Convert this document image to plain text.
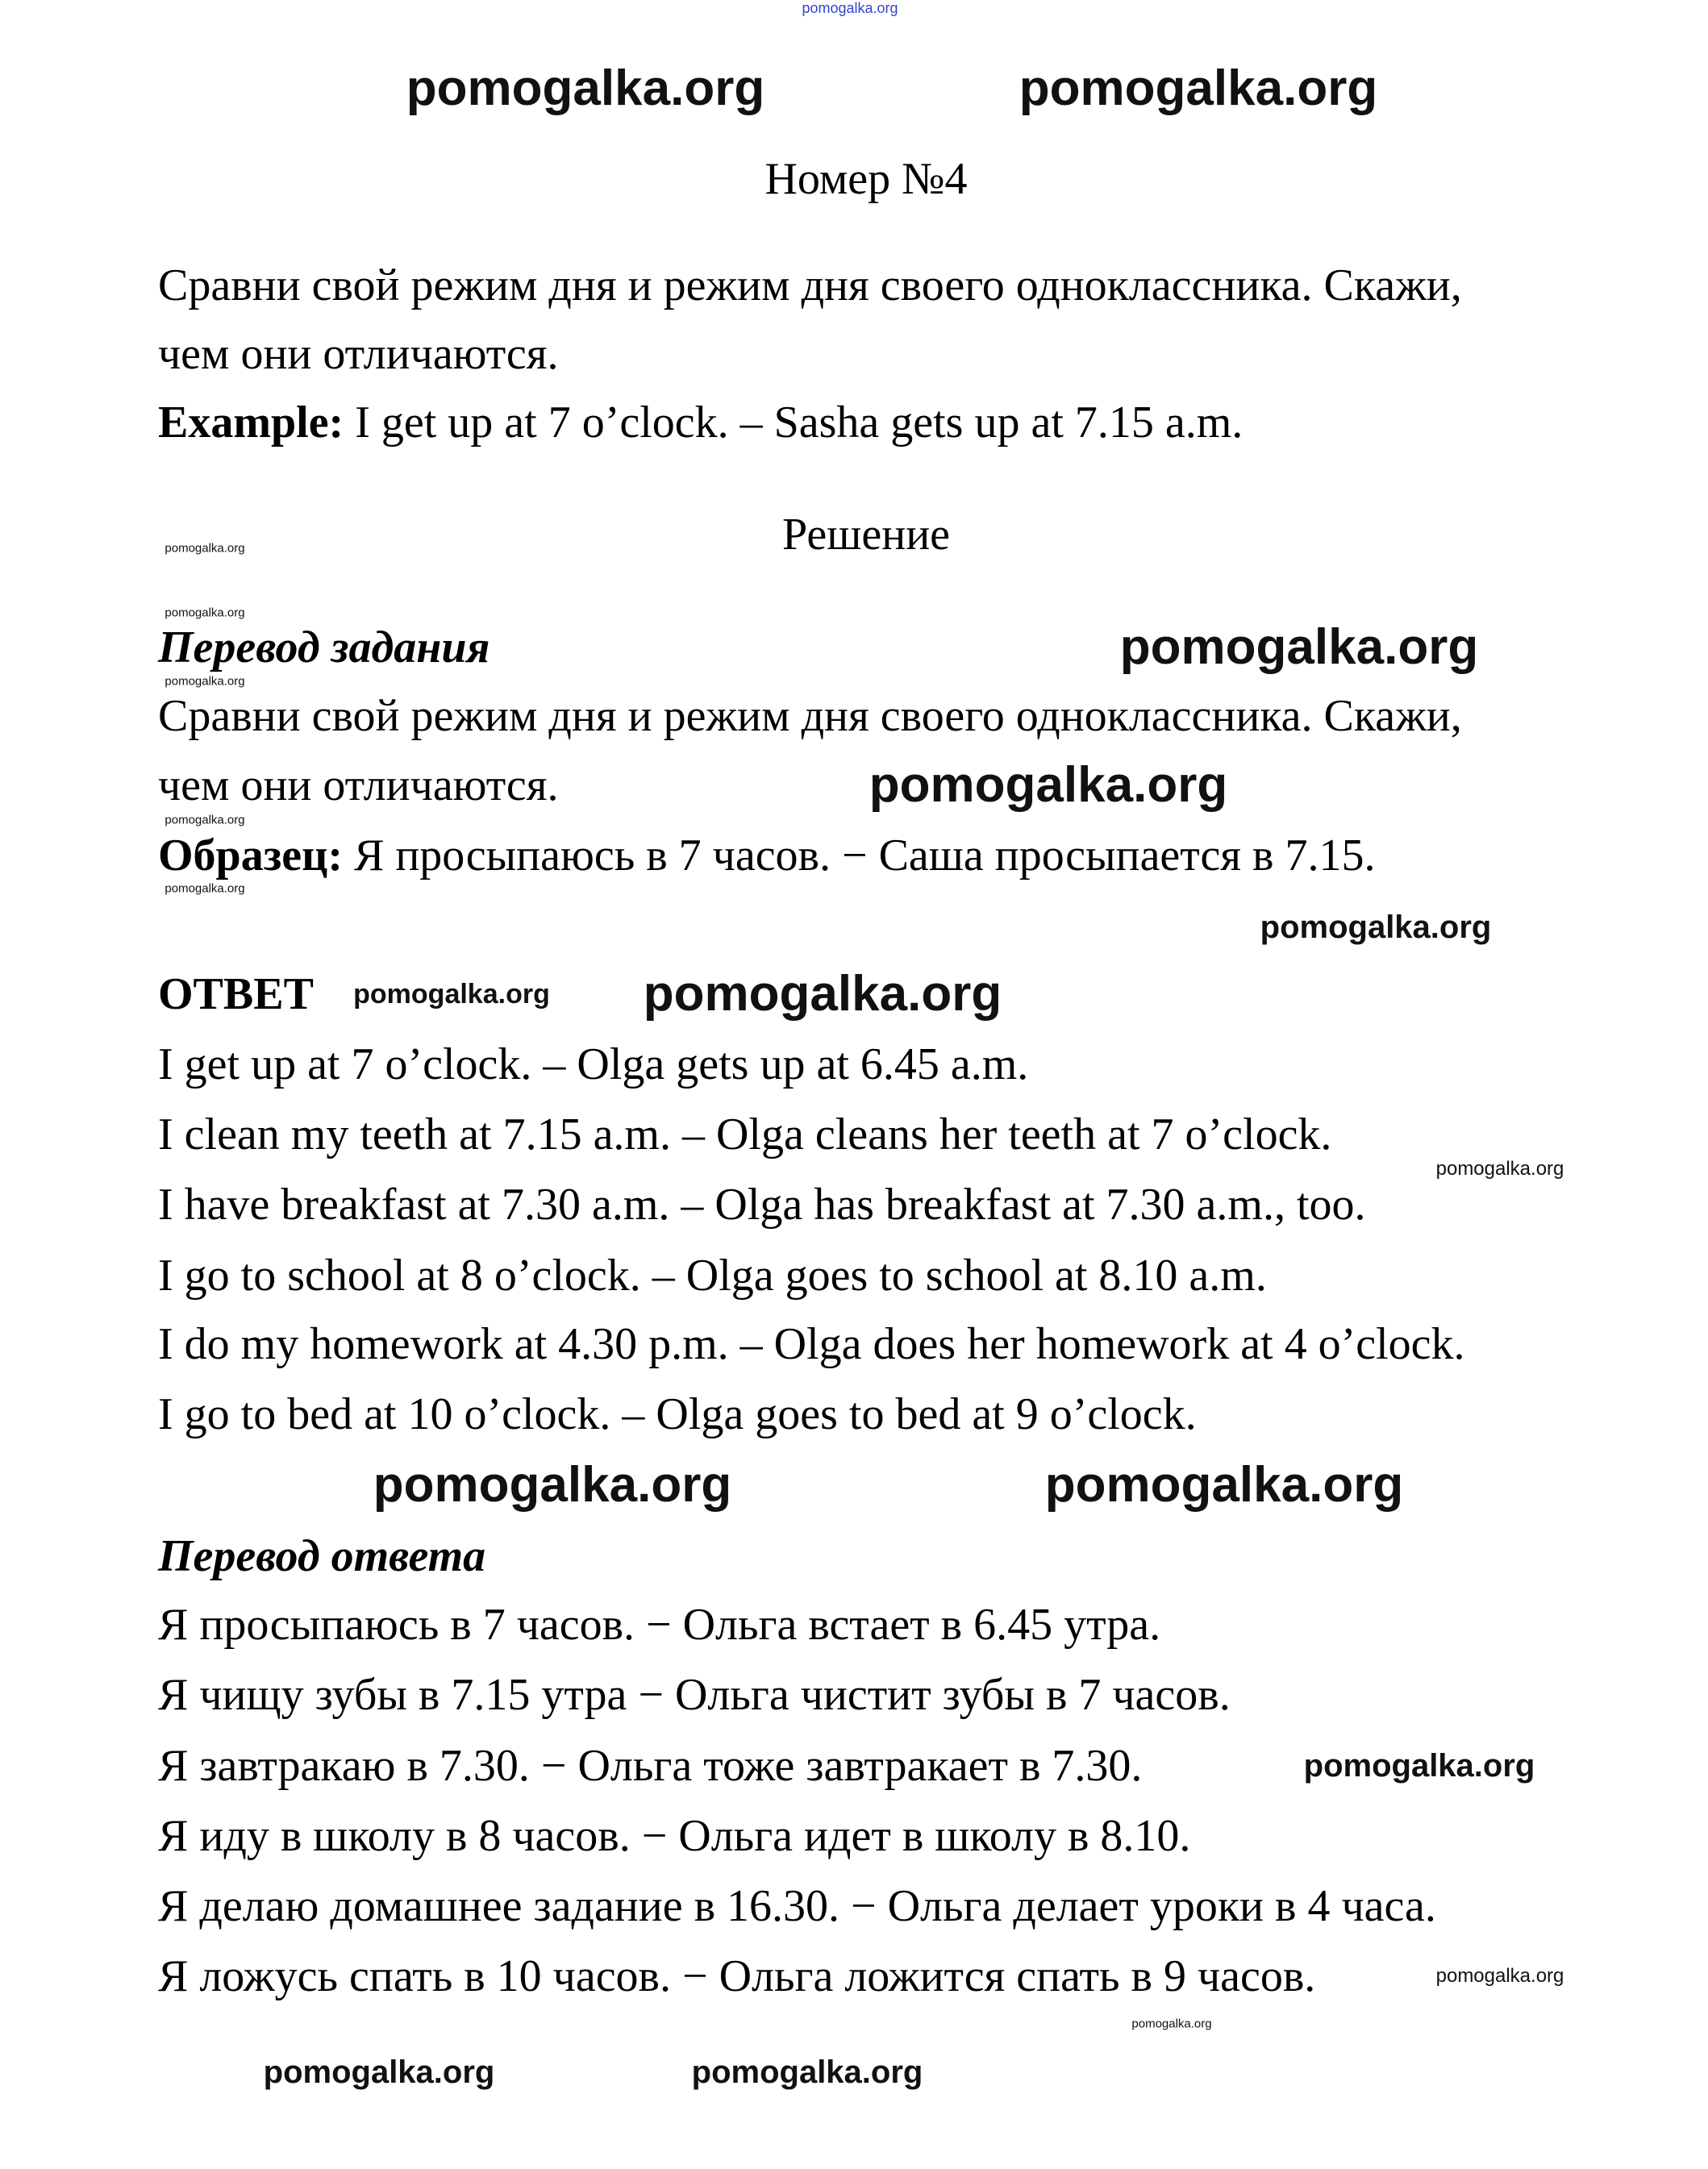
pomogalka.org
Номер №4
Сравни свой режим дня и режим дня своего одноклассника. Скажи,
чем они отличаются.
Example: I get up at 7 o’clock. – Sasha gets up at 7.15 a.m.
Решение
Перевод задания
Сравни свой режим дня и режим дня своего одноклассника. Скажи,
чем они отличаются.
Образец: Я просыпаюсь в 7 часов. − Саша просыпается в 7.15.
ОТВЕТ
I get up at 7 o’clock. – Olga gets up at 6.45 a.m.
I clean my teeth at 7.15 a.m. – Olga cleans her teeth at 7 o’clock.
I have breakfast at 7.30 a.m. – Olga has breakfast at 7.30 a.m., too.
I go to school at 8 o’clock. – Olga goes to school at 8.10 a.m.
I do my homework at 4.30 p.m. – Olga does her homework at 4 o’clock.
I go to bed at 10 o’clock. – Olga goes to bed at 9 o’clock.
Перевод ответа
Я просыпаюсь в 7 часов. − Ольга встает в 6.45 утра.
Я чищу зубы в 7.15 утра − Ольга чистит зубы в 7 часов.
Я завтракаю в 7.30. − Ольга тоже завтракает в 7.30.
Я иду в школу в 8 часов. − Ольга идет в школу в 8.10.
Я делаю домашнее задание в 16.30. − Ольга делает уроки в 4 часа.
Я ложусь спать в 10 часов. − Ольга ложится спать в 9 часов.
pomogalka.org	pomogalka.org
pomogalka.org
pomogalka.org
pomogalka.org
pomogalka.org	pomogalka.org
pomogalka.org
pomogalka.org
pomogalka.org
pomogalka.org	pomogalka.org
pomogalka.org
pomogalka.org
pomogalka.org
pomogalka.org
pomogalka.org
pomogalka.org
pomogalka.org
pomogalka.org
